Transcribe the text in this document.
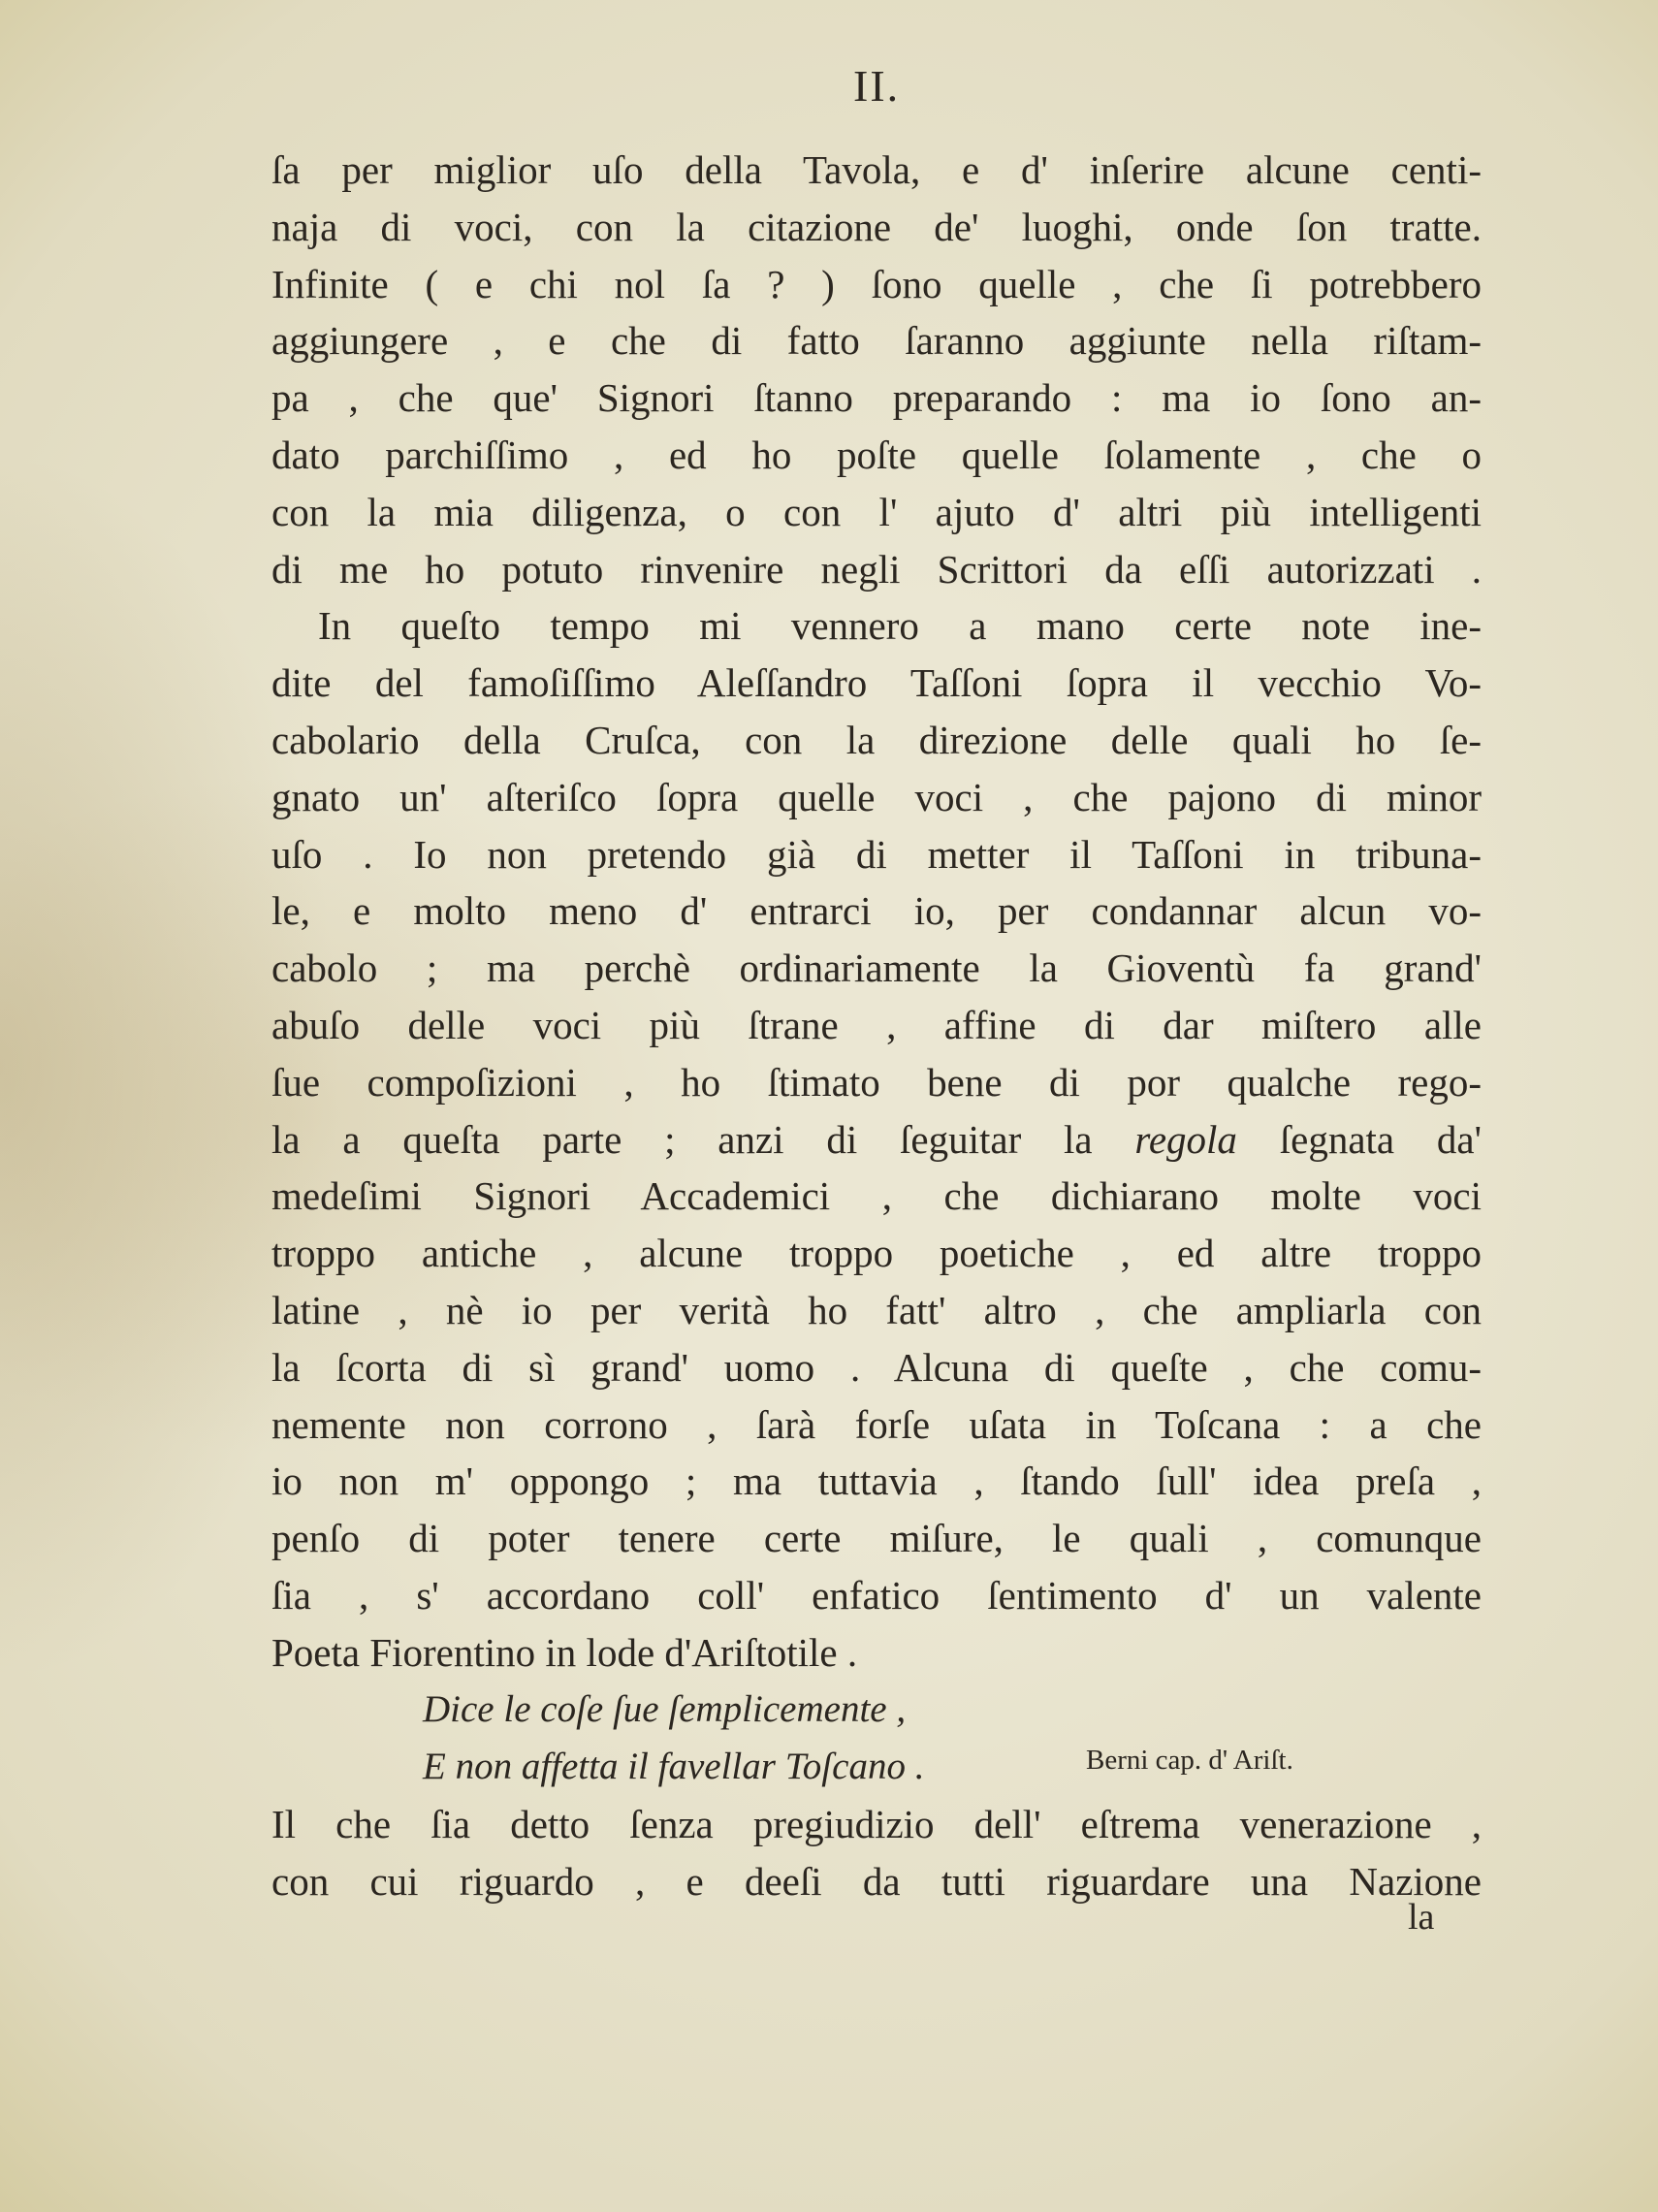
II.
ſa per miglior uſo della Tavola, e d' inſerire alcune centi-
naja di voci, con la citazione de' luoghi, onde ſon tratte.
Infinite ( e chi nol ſa ? ) ſono quelle , che ſi potrebbero
aggiungere , e che di fatto ſaranno aggiunte nella riſtam-
pa , che que' Signori ſtanno preparando : ma io ſono an-
dato parchiſſimo , ed ho poſte quelle ſolamente , che o
con la mia diligenza, o con l' ajuto d' altri più intelligenti
di me ho potuto rinvenire negli Scrittori da eſſi autorizzati .
In queſto tempo mi vennero a mano certe note ine-
dite del famoſiſſimo Aleſſandro Taſſoni ſopra il vecchio Vo-
cabolario della Cruſca, con la direzione delle quali ho ſe-
gnato un' aſteriſco ſopra quelle voci , che pajono di minor
uſo . Io non pretendo già di metter il Taſſoni in tribuna-
le, e molto meno d' entrarci io, per condannar alcun vo-
cabolo ; ma perchè ordinariamente la Gioventù fa grand'
abuſo delle voci più ſtrane , affine di dar miſtero alle
ſue compoſizioni , ho ſtimato bene di por qualche rego-
la a queſta parte ; anzi di ſeguitar la regola ſegnata da'
medeſimi Signori Accademici , che dichiarano molte voci
troppo antiche , alcune troppo poetiche , ed altre troppo
latine , nè io per verità ho fatt' altro , che ampliarla con
la ſcorta di sì grand' uomo . Alcuna di queſte , che comu-
nemente non corrono , ſarà forſe uſata in Toſcana : a che
io non m' oppongo ; ma tuttavia , ſtando ſull' idea preſa ,
penſo di poter tenere certe miſure, le quali , comunque
ſia , s' accordano coll' enfatico ſentimento d' un valente
Poeta Fiorentino in lode d'Ariſtotile .
Dice le coſe ſue ſemplicemente ,
E non affetta il favellar Toſcano .	Berni cap. d' Ariſt.
Il che ſia detto ſenza pregiudizio dell' eſtrema venerazione ,
con cui riguardo , e deeſi da tutti riguardare una Nazione
la
